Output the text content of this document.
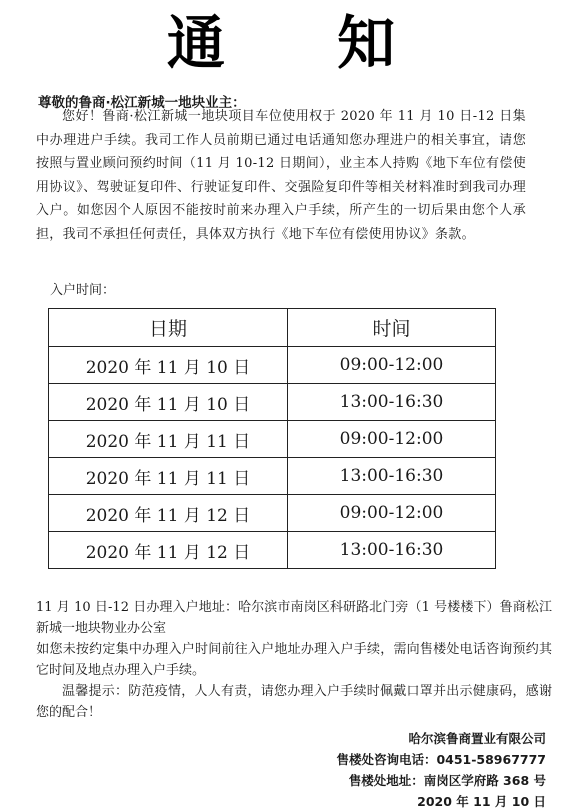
通 知
尊敬的鲁商·松江新城一地块业主：
您好！鲁商·松江新城一地块项目车位使用权于 2020 年 11 月 10 日-12 日集中办理进户手续。我司工作人员前期已通过电话通知您办理进户的相关事宜，请您按照与置业顾问预约时间（11 月 10-12 日期间），业主本人持购《地下车位有偿使用协议》、驾驶证复印件、行驶证复印件、交强险复印件等相关材料准时到我司办理入户。如您因个人原因不能按时前来办理入户手续，所产生的一切后果由您个人承担，我司不承担任何责任，具体双方执行《地下车位有偿使用协议》条款。
入户时间：
日期	时间
2020 年 11 月 10 日	09:00-12:00
2020 年 11 月 10 日	13:00-16:30
2020 年 11 月 11 日	09:00-12:00
2020 年 11 月 11 日	13:00-16:30
2020 年 11 月 12 日	09:00-12:00
2020 年 11 月 12 日	13:00-16:30
11 月 10 日-12 日办理入户地址：哈尔滨市南岗区科研路北门旁（1 号楼楼下）鲁商松江新城一地块物业办公室
如您未按约定集中办理入户时间前往入户地址办理入户手续，需向售楼处电话咨询预约其它时间及地点办理入户手续。
温馨提示：防范疫情，人人有责，请您办理入户手续时佩戴口罩并出示健康码，感谢您的配合！
哈尔滨鲁商置业有限公司
售楼处咨询电话：0451-58967777
售楼处地址：南岗区学府路 368 号
2020 年 11 月 10 日
